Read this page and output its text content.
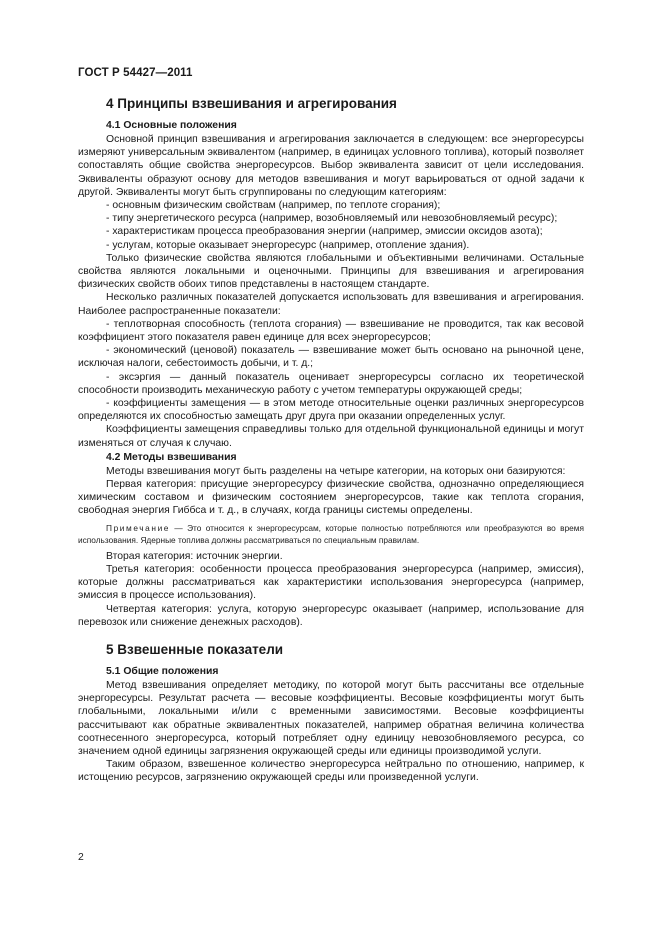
ГОСТ Р 54427—2011
4 Принципы взвешивания и агрегирования
4.1 Основные положения

Основной принцип взвешивания и агрегирования заключается в следующем: все энергоресурсы измеряют универсальным эквивалентом (например, в единицах условного топлива), который позволяет сопоставлять общие свойства энергоресурсов. Выбор эквивалента зависит от цели исследования. Эквиваленты образуют основу для методов взвешивания и могут варьироваться от одной задачи к другой. Эквиваленты могут быть сгруппированы по следующим категориям:

- основным физическим свойствам (например, по теплоте сгорания);
- типу энергетического ресурса (например, возобновляемый или невозобновляемый ресурс);
- характеристикам процесса преобразования энергии (например, эмиссии оксидов азота);
- услугам, которые оказывает энергоресурс (например, отопление здания).

Только физические свойства являются глобальными и объективными величинами. Остальные свойства являются локальными и оценочными. Принципы для взвешивания и агрегирования физических свойств обоих типов представлены в настоящем стандарте.

Несколько различных показателей допускается использовать для взвешивания и агрегирования. Наиболее распространенные показатели:

- теплотворная способность (теплота сгорания) — взвешивание не проводится, так как весовой коэффициент этого показателя равен единице для всех энергоресурсов;
- экономический (ценовой) показатель — взвешивание может быть основано на рыночной цене, исключая налоги, себестоимость добычи, и т. д.;
- эксэргия — данный показатель оценивает энергоресурсы согласно их теоретической способности производить механическую работу с учетом температуры окружающей среды;
- коэффициенты замещения — в этом методе относительные оценки различных энергоресурсов определяются их способностью замещать друг друга при оказании определенных услуг.

Коэффициенты замещения справедливы только для отдельной функциональной единицы и могут изменяться от случая к случаю.

4.2 Методы взвешивания

Методы взвешивания могут быть разделены на четыре категории, на которых они базируются:

Первая категория: присущие энергоресурсу физические свойства, однозначно определяющиеся химическим составом и физическим состоянием энергоресурсов, такие как теплота сгорания, свободная энергия Гиббса и т. д., в случаях, когда границы системы определены.

Примечание — Это относится к энергоресурсам, которые полностью потребляются или преобразуются во время использования. Ядерные топлива должны рассматриваться по специальным правилам.

Вторая категория: источник энергии.

Третья категория: особенности процесса преобразования энергоресурса (например, эмиссия), которые должны рассматриваться как характеристики использования энергоресурса (например, эмиссия в процессе использования).

Четвертая категория: услуга, которую энергоресурс оказывает (например, использование для перевозок или снижение денежных расходов).

5 Взвешенные показатели
5.1 Общие положения

Метод взвешивания определяет методику, по которой могут быть рассчитаны все отдельные энергоресурсы. Результат расчета — весовые коэффициенты. Весовые коэффициенты могут быть глобальными, локальными и/или с временными зависимостями. Весовые коэффициенты рассчитывают как обратные эквивалентных показателей, например обратная величина количества соотнесенного энергоресурса, который потребляет одну единицу невозобновляемого ресурса, со значением одной единицы загрязнения окружающей среды или единицы производимой услуги.

Таким образом, взвешенное количество энергоресурса нейтрально по отношению, например, к истощению ресурсов, загрязнению окружающей среды или произведенной услуги.

2
